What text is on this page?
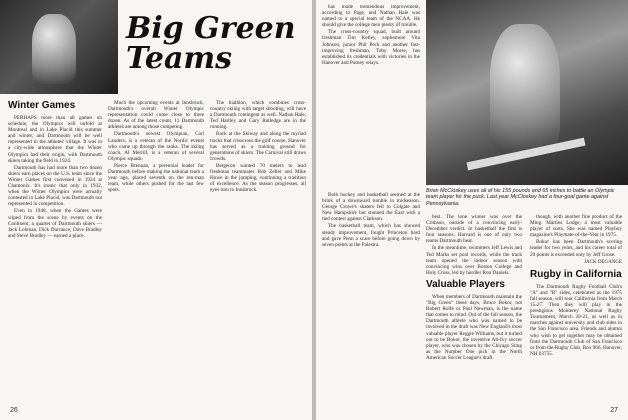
Big Green
Teams
Winter Games

PERHAPS more than all games on schedule, the Olympics will unfold at Montreal and in Lake Placid this summer and winter, and Dartmouth will be well represented in the athletes' village. It was in a city-wide atmosphere that the Winter Olympics had their origin, with Dartmouth skiers taking the field in 1924.

Dartmouth has had more than two dozen skiers earn places on the U.S. team since the Winter Games first convened in 1924 at Chamonix. It's ironic that only in 1932, when the Winter Olympics were actually contested in Lake Placid, was Dartmouth not represented in competition.

Even in 1948, when the Games were wiped from the scene by events on the Continent, a quartet of Dartmouth skiers — Jack Lohman, Dick Durrance, Dave Bradley and Steve Bradley — earned a place.

Much the upcoming events at Innsbruck, Dartmouth's overall Winter Olympic representation could come close to three dozen. As of the latest count, 11 Dartmouth athletes are among those competing.

Dartmouth's newest Olympian, Carl Landers, is a veteran of the Nordic events who came up through the ranks. The skiing coach, Al Merrill, is a veteran of several Olympic squads.

Pierce Brennan, a perennial leader for Dartmouth before making the national team a year ago, placed seventh on the ten-man team, while others pushed for the last few spots.

The biathlon, which combines cross-country skiing with target shooting, will have a Dartmouth contingent as well. Nathan Hale, Ted Hartley and Gary Rutledge are in the running.

Back at the Skiway and along the myriad tracks that crisscross the golf course, Hanover has served as a training ground for generations of skiers. The Carnival still draws crowds.

Bergeron wanted 70 meters to lead freshman teammates Bob Zeller and Mike Howe in the jumping, continuing a tradition of excellence. As the season progresses, all eyes turn to Innsbruck.

26

has made tremendous improvement, according to Page, and Nathan Hale was named to a special team of the NCAA. He should give the college men plenty of trouble.

The cross-country squad, built around freshman Tim Kelley, sophomore Vita Johnson, junior Phil Peck and another fast-improving freshman, Toby Morse, has established its credentials with victories in the Hanover and Putney relays.

Brian McCloskey uses all of his 155 pounds and 65 inches to battle an Olympic team player for the puck. Last year McCloskey had a four-goal game against Pennsylvania.

Both hockey and basketball seemed at the brink of a downward tumble in midseason. George Crowe's skaters fell to Colgate and New Hampshire but stunned the East with a tied contest against Clarkson.

The basketball team, which has showed steady improvement, fought Princeton hard and gave Penn a scare before going down by seven points at the Palestra.

best. The lone winner was over the Crimson, outside of a convincing early-December verdict. In basketball the first is four seasons, Harvard is one of only two teams Dartmouth beat.

In the meantime, swimmers Jeff Lewis and Ted Marks set pool records, while the track team opened the indoor season with convincing wins over Boston College and Holy Cross, led by hurdler Ron Daniels.

Valuable Players

When members of Dartmouth maintain the "Big Green" these days, Bruce Bokor, not Robert Rolfe or Paul Newman, is the name that comes to mind. Out of the fall season, the Dartmouth athlete who was named to be involved in the draft was New England's most valuable player Reggie Williams, but it turned out to be Bokor, the inventive All-Ivy soccer player, who was chosen by the Chicago Sting as the Number One pick in the North American Soccer League's draft.

though, with another fine product of the Ming. Martins Lodge, a most valuable player of sorts. She was named Playboy magazine's Playmate-of-the-Year in 1975.

Bokor has been Dartmouth's scoring leader for two years, and his career total of 29 points is exceeded only by Jeff Grose.

JACK DEGANGE
Rugby in California

The Dartmouth Rugby Football Club's "A" and "B" sides, celebrated as the 1975 fall season, will tour California from March 15-27. Then they will play in the prestigious Monterey National Rugby Tournament, March 20-21, as well as in matches against university and club sides in the San Francisco area. Friends and alumni who wish to get together may be obtained from the Dartmouth Club of San Francisco or from the Rugby Club, Box 966, Hanover, NH 03755.

27
